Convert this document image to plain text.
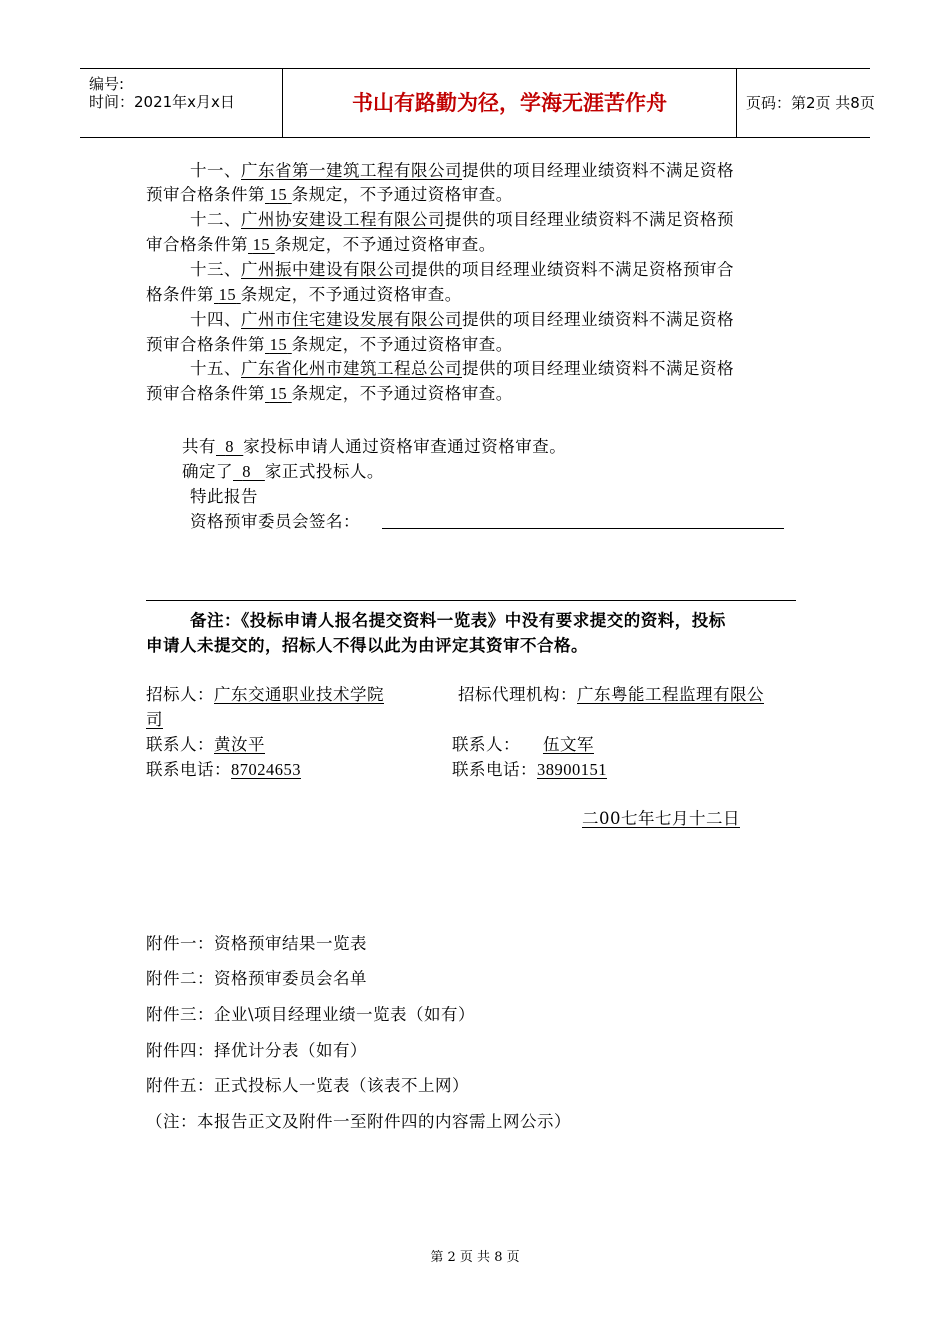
编号:
时间：2021年x月x日	书山有路勤为径，学海无涯苦作舟	页码：第2页 共8页
十一、广东省第一建筑工程有限公司提供的项目经理业绩资料不满足资格
预审合格条件第 15 条规定，不予通过资格审查。
十二、广州协安建设工程有限公司提供的项目经理业绩资料不满足资格预
审合格条件第 15 条规定，不予通过资格审查。
十三、广州振中建设有限公司提供的项目经理业绩资料不满足资格预审合
格条件第 15 条规定，不予通过资格审查。
十四、广州市住宅建设发展有限公司提供的项目经理业绩资料不满足资格
预审合格条件第 15 条规定，不予通过资格审查。
十五、广东省化州市建筑工程总公司提供的项目经理业绩资料不满足资格
预审合格条件第 15 条规定，不予通过资格审查。
共有 8 家投标申请人通过资格审查通过资格审查。
确定了 8 家正式投标人。
特此报告
资格预审委员会签名：
备注：《投标申请人报名提交资料一览表》中没有要求提交的资料，投标
申请人未提交的，招标人不得以此为由评定其资审不合格。
招标人：广东交通职业技术学院	招标代理机构：广东粤能工程监理有限公
司
联系人：黄汝平	联系人： 伍文军
联系电话：87024653	联系电话：38900151
二00七年七月十二日
附件一：资格预审结果一览表
附件二：资格预审委员会名单
附件三：企业\项目经理业绩一览表（如有）
附件四：择优计分表（如有）
附件五：正式投标人一览表（该表不上网）
（注：本报告正文及附件一至附件四的内容需上网公示）
第 2 页 共 8 页
